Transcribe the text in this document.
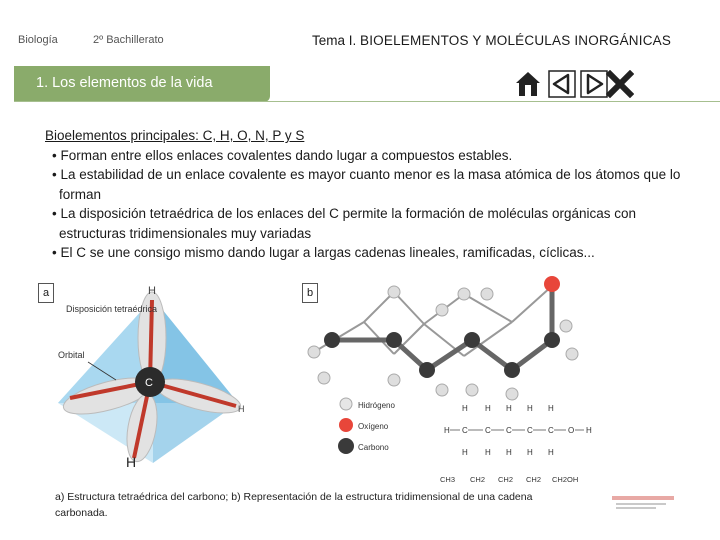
Biología	2º Bachillerato	Tema I. BIOELEMENTOS Y MOLÉCULAS INORGÁNICAS
1. Los elementos de la vida
Bioelementos principales: C, H, O, N, P y S
• Forman entre ellos enlaces covalentes dando lugar a compuestos estables.
• La estabilidad de un enlace covalente es mayor cuanto menor es la masa atómica de los átomos que lo forman
• La disposición tetraédrica de los enlaces del C permite la formación de moléculas orgánicas con estructuras tridimensionales muy variadas
• El C se une consigo mismo dando lugar a largas cadenas lineales, ramificadas, cíclicas...
C
H
H
H
Disposición tetraédrica
Orbital
a
Hidrógeno
Oxígeno
Carbono
H H H H H
H C C C C C O H
H H H H H
CH3 CH2 CH2 CH2 CH2OH
b
a) Estructura tetraédrica del carbono; b) Representación de la estructura tridimensional de una cadena carbonada.
